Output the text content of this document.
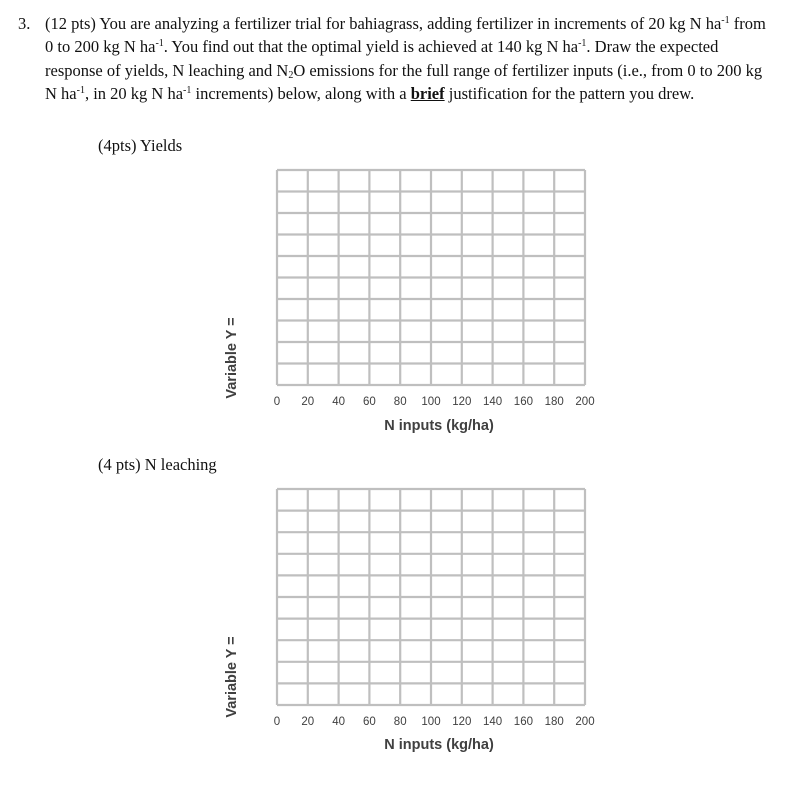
3. (12 pts) You are analyzing a fertilizer trial for bahiagrass, adding fertilizer in increments of 20 kg N $ha^{-1}$ from 0 to 200 kg N $ha^{-1}$. You find out that the optimal yield is achieved at 140 kg N $ha^{-1}$. Draw the expected response of yields, N leaching and $N_2O$ emissions for the full range of fertilizer inputs (i.e., from 0 to 200 kg N $ha^{-1}$, in 20 kg N $ha^{-1}$ increments) below, along with a brief justification for the pattern you drew.
(4pts) Yields
(4 pts) N leaching
0 20 40 60 80 100 120 140 160 180 200
N inputs (kg/ha)
Variable Y =
0 20 40 60 80 100 120 140 160 180 200
N inputs (kg/ha)
Variable Y =
